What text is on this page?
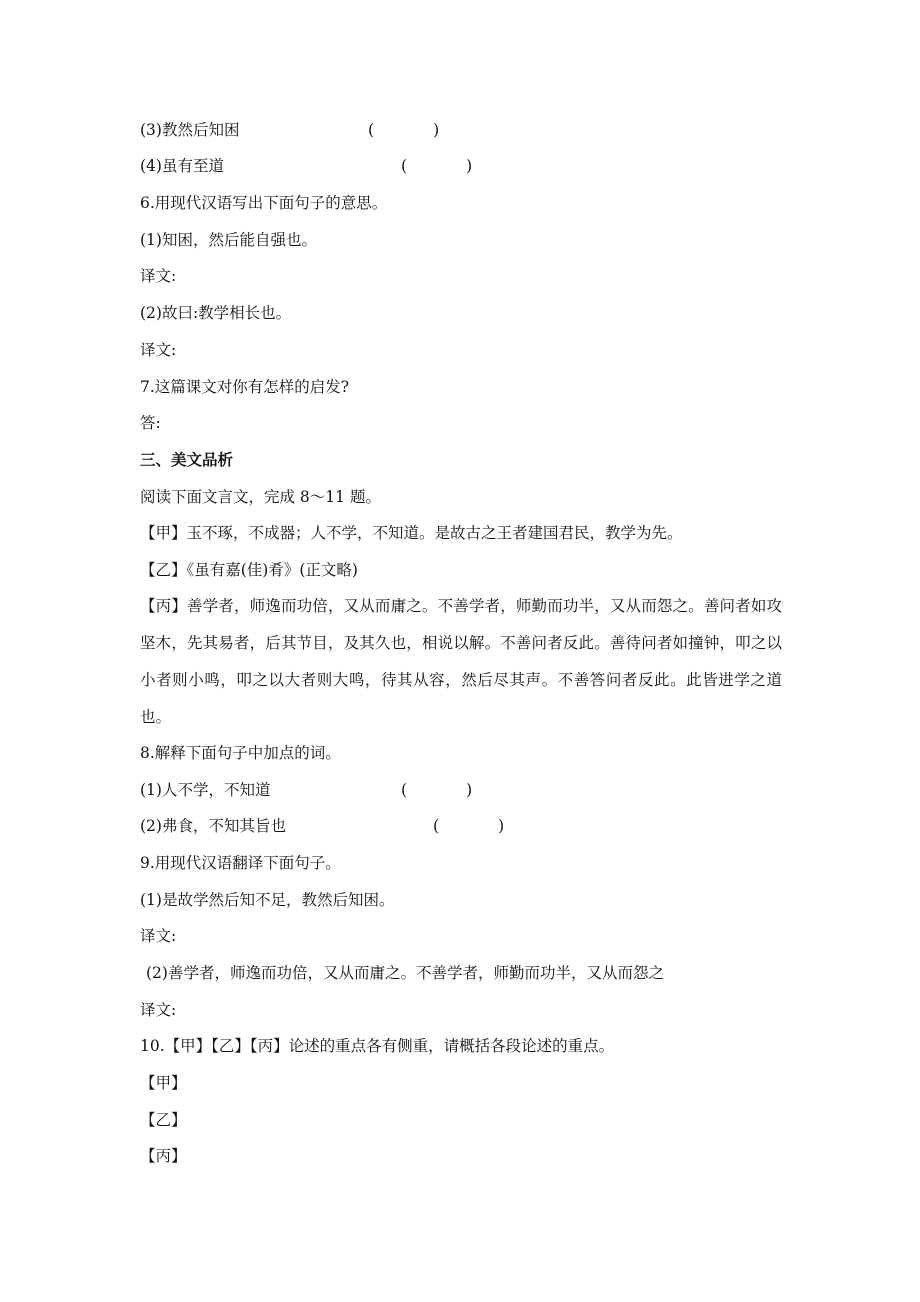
(3)教然后知困	(            )
(4)虽有至道	(            )
6.用现代汉语写出下面句子的意思。
(1)知困，然后能自强也。
译文:
(2)故曰:教学相长也。
译文:
7.这篇课文对你有怎样的启发?
答:
三、美文品析
阅读下面文言文，完成 8～11 题。
【甲】玉不琢，不成器；人不学，不知道。是故古之王者建国君民，教学为先。
【乙】《虽有嘉(佳)肴》(正文略)
【丙】善学者，师逸而功倍，又从而庸之。不善学者，师勤而功半，又从而怨之。善问者如攻坚木，先其易者，后其节目，及其久也，相说以解。不善问者反此。善待问者如撞钟，叩之以小者则小鸣，叩之以大者则大鸣，待其从容，然后尽其声。不善答问者反此。此皆进学之道也。
8.解释下面句子中加点的词。
(1)人不学，不知道	(            )
(2)弗食，不知其旨也	(            )
9.用现代汉语翻译下面句子。
(1)是故学然后知不足，教然后知困。
译文:
(2)善学者，师逸而功倍，又从而庸之。不善学者，师勤而功半，又从而怨之
译文:
10.【甲】【乙】【丙】论述的重点各有侧重，请概括各段论述的重点。
【甲】
【乙】
【丙】
